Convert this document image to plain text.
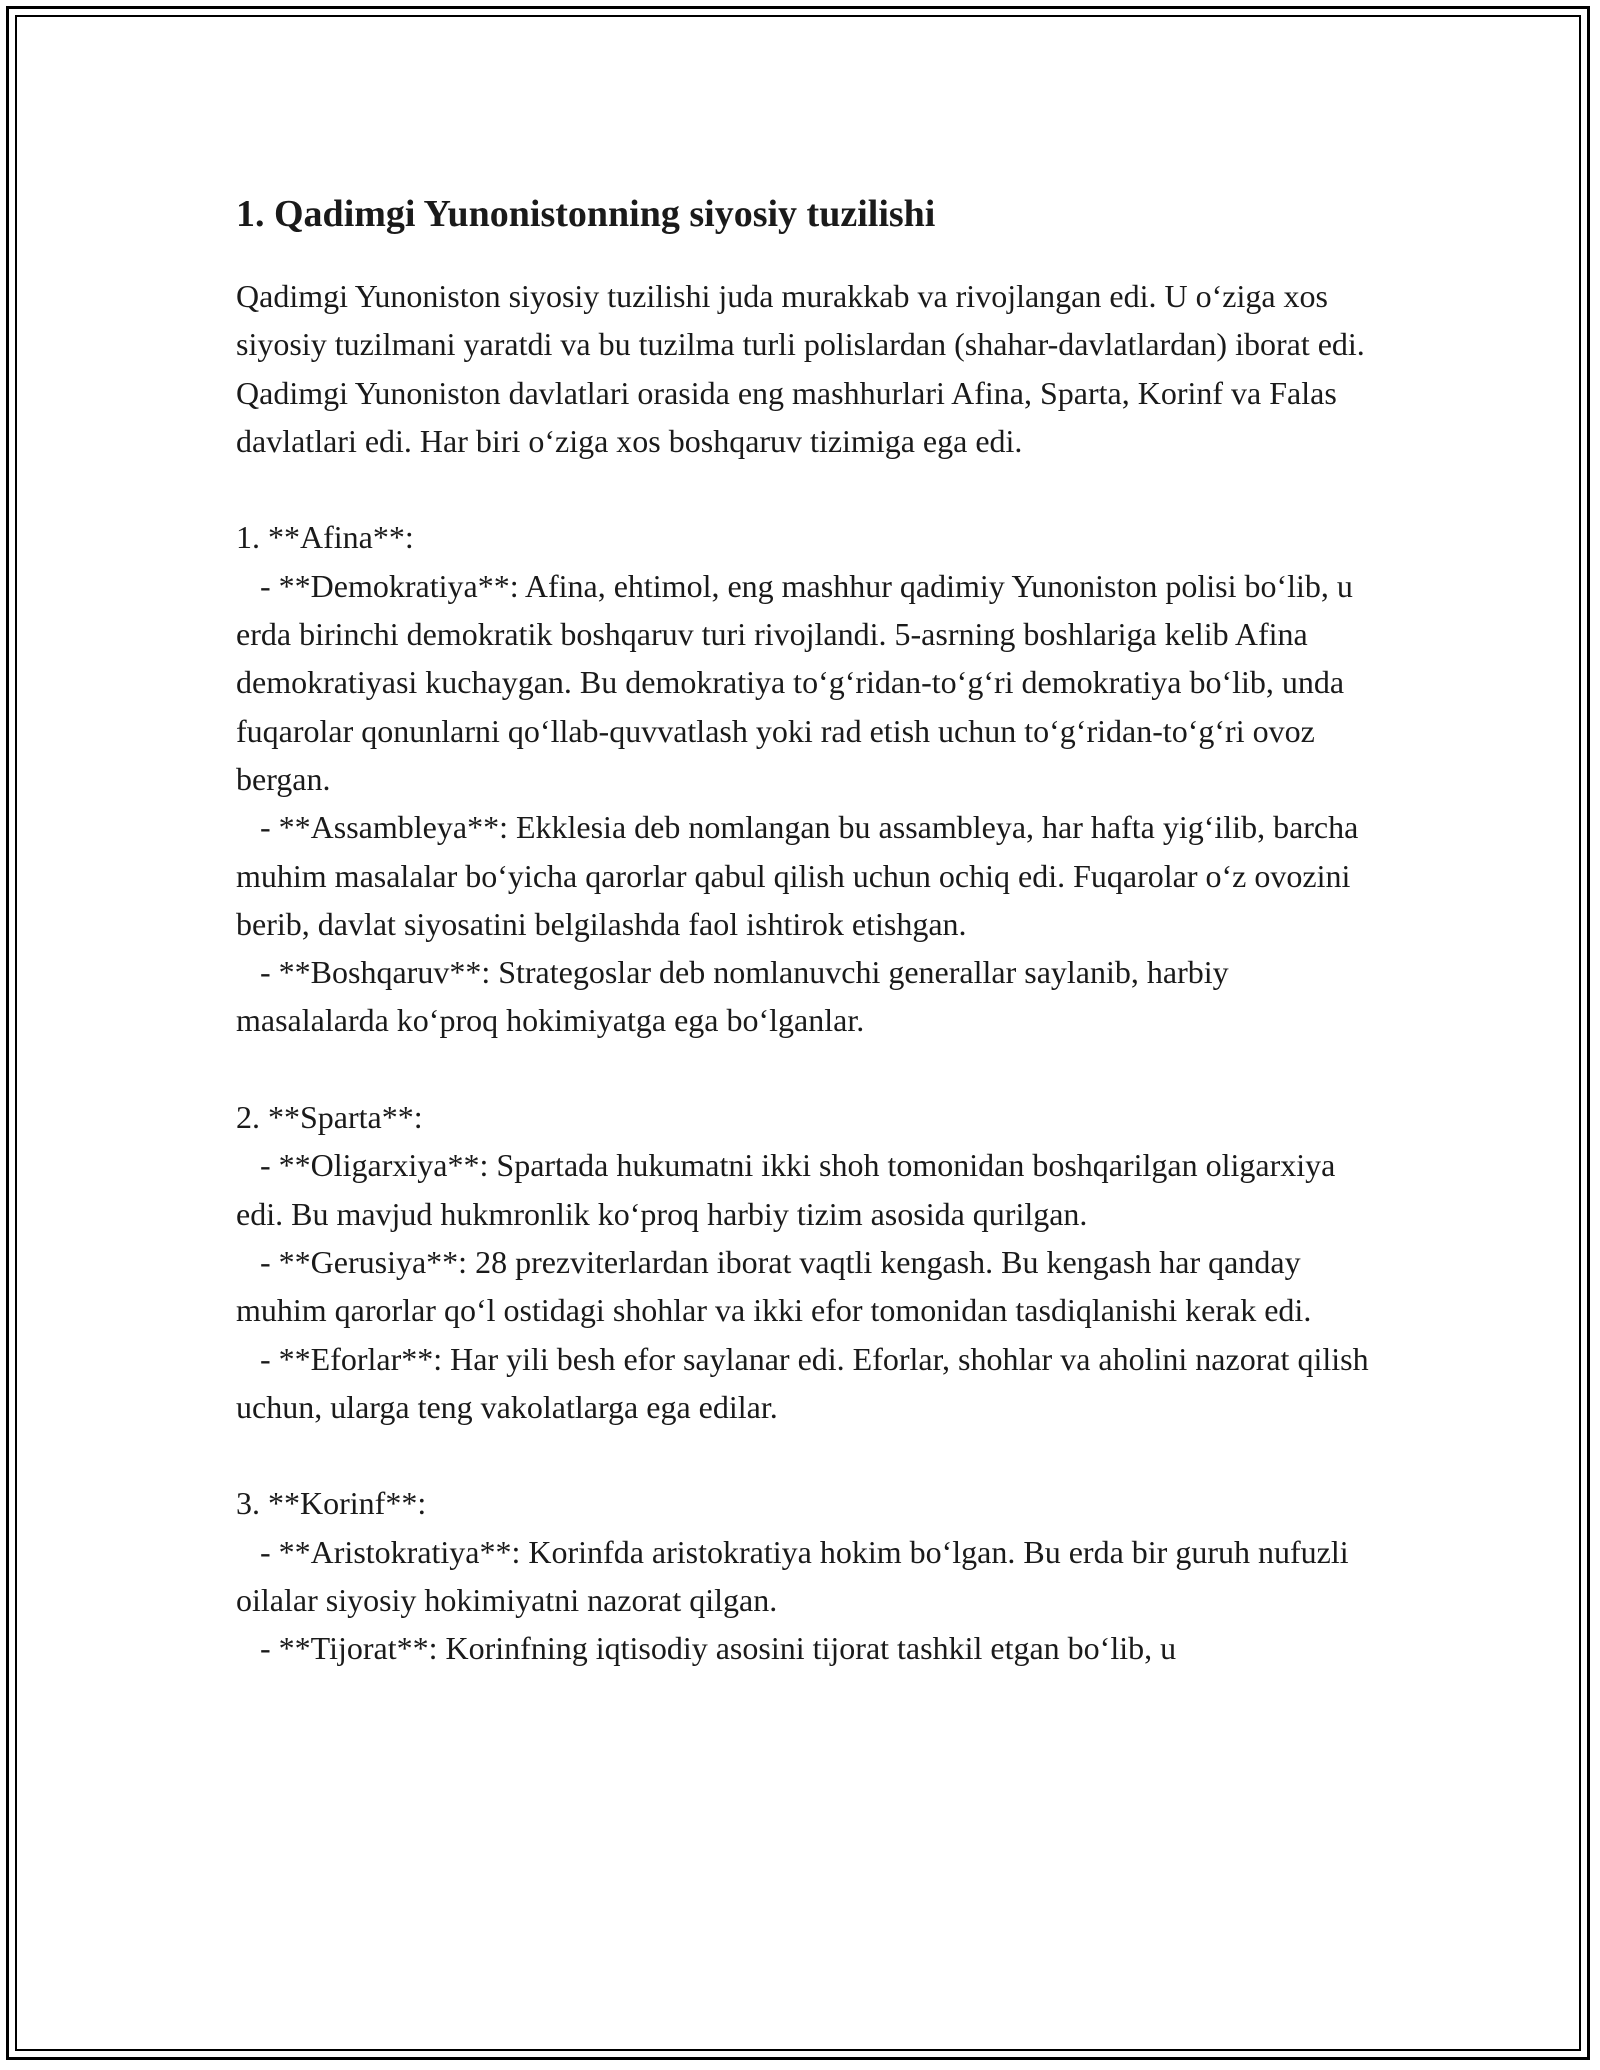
1. Qadimgi Yunonistonning siyosiy tuzilishi

Qadimgi Yunoniston siyosiy tuzilishi juda murakkab va rivojlangan edi. U o‘ziga xos siyosiy tuzilmani yaratdi va bu tuzilma turli polislardan (shahar-davlatlardan) iborat edi. Qadimgi Yunoniston davlatlari orasida eng mashhurlari Afina, Sparta, Korinf va Falas davlatlari edi. Har biri o‘ziga xos boshqaruv tizimiga ega edi.

1. **Afina**:

- **Demokratiya**: Afina, ehtimol, eng mashhur qadimiy Yunoniston polisi bo‘lib, u erda birinchi demokratik boshqaruv turi rivojlandi. 5-asrning boshlariga kelib Afina demokratiyasi kuchaygan. Bu demokratiya to‘g‘ridan-to‘g‘ri demokratiya bo‘lib, unda fuqarolar qonunlarni qo‘llab-quvvatlash yoki rad etish uchun to‘g‘ridan-to‘g‘ri ovoz bergan.

- **Assambleya**: Ekklesia deb nomlangan bu assambleya, har hafta yig‘ilib, barcha muhim masalalar bo‘yicha qarorlar qabul qilish uchun ochiq edi. Fuqarolar o‘z ovozini berib, davlat siyosatini belgilashda faol ishtirok etishgan.

- **Boshqaruv**: Strategoslar deb nomlanuvchi generallar saylanib, harbiy masalalarda ko‘proq hokimiyatga ega bo‘lganlar.

2. **Sparta**:

- **Oligarxiya**: Spartada hukumatni ikki shoh tomonidan boshqarilgan oligarxiya edi. Bu mavjud hukmronlik ko‘proq harbiy tizim asosida qurilgan.

- **Gerusiya**: 28 prezviterlardan iborat vaqtli kengash. Bu kengash har qanday muhim qarorlar qo‘l ostidagi shohlar va ikki efor tomonidan tasdiqlanishi kerak edi.

- **Eforlar**: Har yili besh efor saylanar edi. Eforlar, shohlar va aholini nazorat qilish uchun, ularga teng vakolatlarga ega edilar.

3. **Korinf**:

- **Aristokratiya**: Korinfda aristokratiya hokim bo‘lgan. Bu erda bir guruh nufuzli oilalar siyosiy hokimiyatni nazorat qilgan.

- **Tijorat**: Korinfning iqtisodiy asosini tijorat tashkil etgan bo‘lib, u
